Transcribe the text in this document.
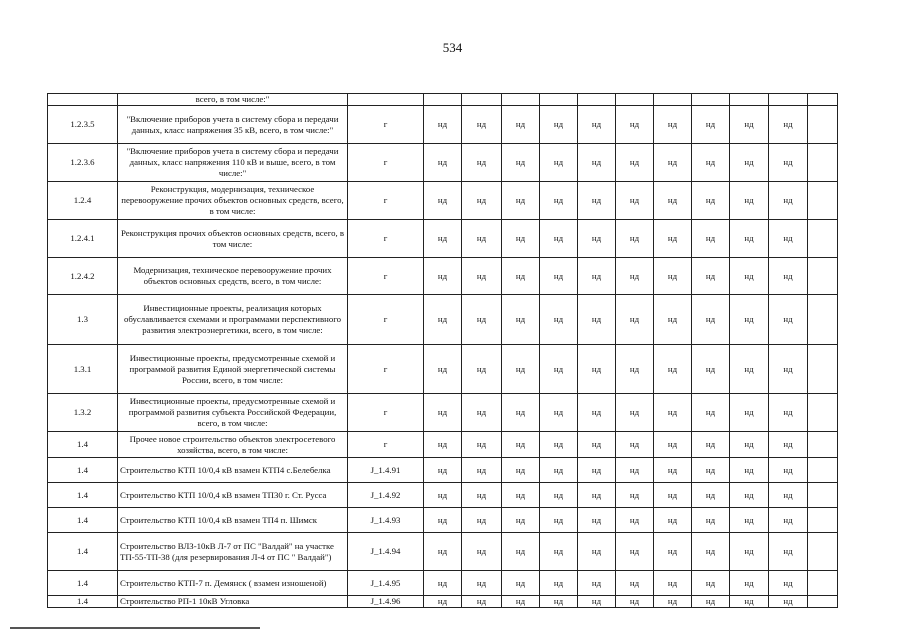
534
	всего, в том числе:"												
1.2.3.5	"Включение приборов учета в систему сбора и передачи данных, класс напряжения 35 кВ, всего, в том числе:"	г	нд	нд	нд	нд	нд	нд	нд	нд	нд	нд	
1.2.3.6	"Включение приборов учета в систему сбора и передачи данных, класс напряжения 110 кВ и выше, всего, в том числе:"	г	нд	нд	нд	нд	нд	нд	нд	нд	нд	нд	
1.2.4	Реконструкция, модернизация, техническое перевооружение прочих объектов основных средств, всего, в том числе:	г	нд	нд	нд	нд	нд	нд	нд	нд	нд	нд	
1.2.4.1	Реконструкция прочих объектов основных средств, всего, в том числе:	г	нд	нд	нд	нд	нд	нд	нд	нд	нд	нд	
1.2.4.2	Модернизация, техническое перевооружение прочих объектов основных средств, всего, в том числе:	г	нд	нд	нд	нд	нд	нд	нд	нд	нд	нд	
1.3	Инвестиционные проекты, реализация которых обуславливается схемами и программами перспективного развития электроэнергетики, всего, в том числе:	г	нд	нд	нд	нд	нд	нд	нд	нд	нд	нд	
1.3.1	Инвестиционные проекты, предусмотренные схемой и программой развития Единой энергетической системы России, всего, в том числе:	г	нд	нд	нд	нд	нд	нд	нд	нд	нд	нд	
1.3.2	Инвестиционные проекты, предусмотренные схемой и программой развития субъекта Российской Федерации, всего, в том числе:	г	нд	нд	нд	нд	нд	нд	нд	нд	нд	нд	
1.4	Прочее новое строительство объектов электросетевого хозяйства, всего, в том числе:	г	нд	нд	нд	нд	нд	нд	нд	нд	нд	нд	
1.4	Строительство КТП 10/0,4 кВ взамен КТП4 с.Белебелка	J_1.4.91	нд	нд	нд	нд	нд	нд	нд	нд	нд	нд	
1.4	Строительство КТП 10/0,4 кВ взамен ТП30 г. Ст. Русса	J_1.4.92	нд	нд	нд	нд	нд	нд	нд	нд	нд	нд	
1.4	Строительство КТП 10/0,4 кВ взамен ТП4 п. Шимск	J_1.4.93	нд	нд	нд	нд	нд	нд	нд	нд	нд	нд	
1.4	Строительство ВЛЗ-10кВ Л-7 от ПС "Валдай" на участке ТП-55-ТП-38 (для резервирования Л-4 от ПС " Валдай")	J_1.4.94	нд	нд	нд	нд	нд	нд	нд	нд	нд	нд	
1.4	Строительство КТП-7 п. Демянск ( взамен изношеной)	J_1.4.95	нд	нд	нд	нд	нд	нд	нд	нд	нд	нд	
1.4	Строительство РП-1 10кВ Угловка	J_1.4.96	нд	нд	нд	нд	нд	нд	нд	нд	нд	нд	
